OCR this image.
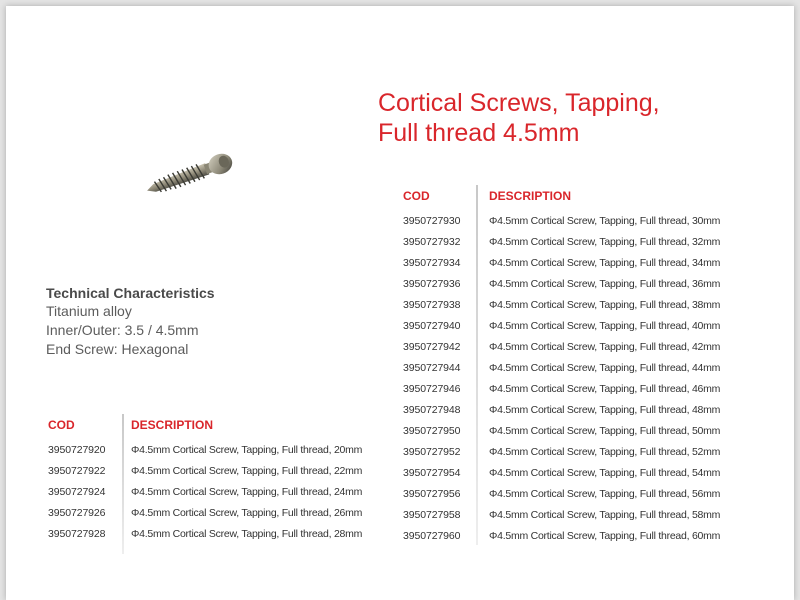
Cortical Screws, Tapping,
Full thread 4.5mm
Technical Characteristics
Titanium alloy
Inner/Outer: 3.5 / 4.5mm
End Screw: Hexagonal
COD	DESCRIPTION
3950727920 Φ4.5mm Cortical Screw, Tapping, Full thread, 20mm
3950727922 Φ4.5mm Cortical Screw, Tapping, Full thread, 22mm
3950727924 Φ4.5mm Cortical Screw, Tapping, Full thread, 24mm
3950727926 Φ4.5mm Cortical Screw, Tapping, Full thread, 26mm
3950727928 Φ4.5mm Cortical Screw, Tapping, Full thread, 28mm
COD	DESCRIPTION
3950727930	Φ4.5mm Cortical Screw, Tapping, Full thread, 30mm
3950727932	Φ4.5mm Cortical Screw, Tapping, Full thread, 32mm
3950727934	Φ4.5mm Cortical Screw, Tapping, Full thread, 34mm
3950727936	Φ4.5mm Cortical Screw, Tapping, Full thread, 36mm
3950727938	Φ4.5mm Cortical Screw, Tapping, Full thread, 38mm
3950727940	Φ4.5mm Cortical Screw, Tapping, Full thread, 40mm
3950727942	Φ4.5mm Cortical Screw, Tapping, Full thread, 42mm
3950727944	Φ4.5mm Cortical Screw, Tapping, Full thread, 44mm
3950727946	Φ4.5mm Cortical Screw, Tapping, Full thread, 46mm
3950727948	Φ4.5mm Cortical Screw, Tapping, Full thread, 48mm
3950727950	Φ4.5mm Cortical Screw, Tapping, Full thread, 50mm
3950727952	Φ4.5mm Cortical Screw, Tapping, Full thread, 52mm
3950727954	Φ4.5mm Cortical Screw, Tapping, Full thread, 54mm
3950727956	Φ4.5mm Cortical Screw, Tapping, Full thread, 56mm
3950727958	Φ4.5mm Cortical Screw, Tapping, Full thread, 58mm
3950727960	Φ4.5mm Cortical Screw, Tapping, Full thread, 60mm
